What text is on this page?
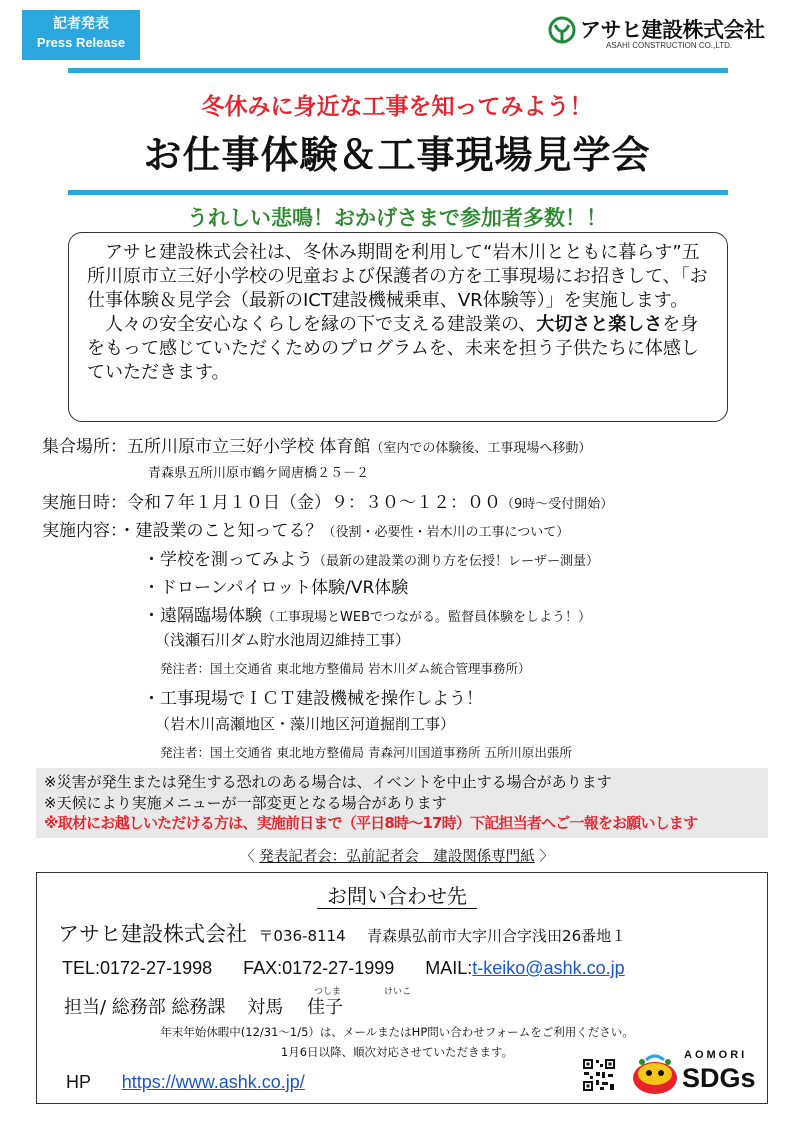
記者発表
Press Release
アサヒ建設株式会社
ASAHI CONSTRUCTION CO.,LTD.
冬休みに身近な工事を知ってみよう！
お仕事体験＆工事現場見学会
うれしい悲鳴！おかげさまで参加者多数！！

アサヒ建設株式会社は、冬休み期間を利用して“岩木川とともに暮らす”五所川原市立三好小学校の児童および保護者の方を工事現場にお招きして、「お仕事体験＆見学会（最新のICT建設機械乗車、VR体験等）」を実施します。

人々の安全安心なくらしを縁の下で支える建設業の、大切さと楽しさを身をもって感じていただくためのプログラムを、未来を担う子供たちに体感していただきます。

集合場所：五所川原市立三好小学校 体育館（室内での体験後、工事現場へ移動）
青森県五所川原市鶴ケ岡唐橋２５－２
実施日時：令和７年１月１０日（金）９：３０～１２：００（9時～受付開始）
実施内容：・建設業のこと知ってる？（役割・必要性・岩木川の工事について）
・学校を測ってみよう（最新の建設業の測り方を伝授！レーザー測量）
・ドローンパイロット体験/VR体験
・遠隔臨場体験（工事現場とWEBでつながる。監督員体験をしよう！）
（浅瀬石川ダム貯水池周辺維持工事）
発注者：国土交通省 東北地方整備局 岩木川ダム統合管理事務所）
・工事現場でＩＣＴ建設機械を操作しよう！
（岩木川高瀬地区・藻川地区河道掘削工事）
発注者：国土交通省 東北地方整備局 青森河川国道事務所 五所川原出張所
※災害が発生または発生する恐れのある場合は、イベントを中止する場合があります
※天候により実施メニューが一部変更となる場合があります
※取材にお越しいただける方は、実施前日まで（平日8時～17時）下記担当者へご一報をお願いします
〈 発表記者会：弘前記者会　建設関係専門紙 〉
お問い合わせ先
アサヒ建設株式会社 〒036-8114 青森県弘前市大字川合字浅田26番地１
TEL:0172-27-1998 FAX:0172-27-1999 MAIL:t-keiko@ashk.co.jp
つしま	けいこ
担当/ 総務部 総務課 対馬 佳子
年末年始休暇中(12/31～1/5）は、メールまたはHP問い合わせフォームをご利用ください。
1月6日以降、順次対応させていただきます。
HP https://www.ashk.co.jp/
AOMORI
SDGs
